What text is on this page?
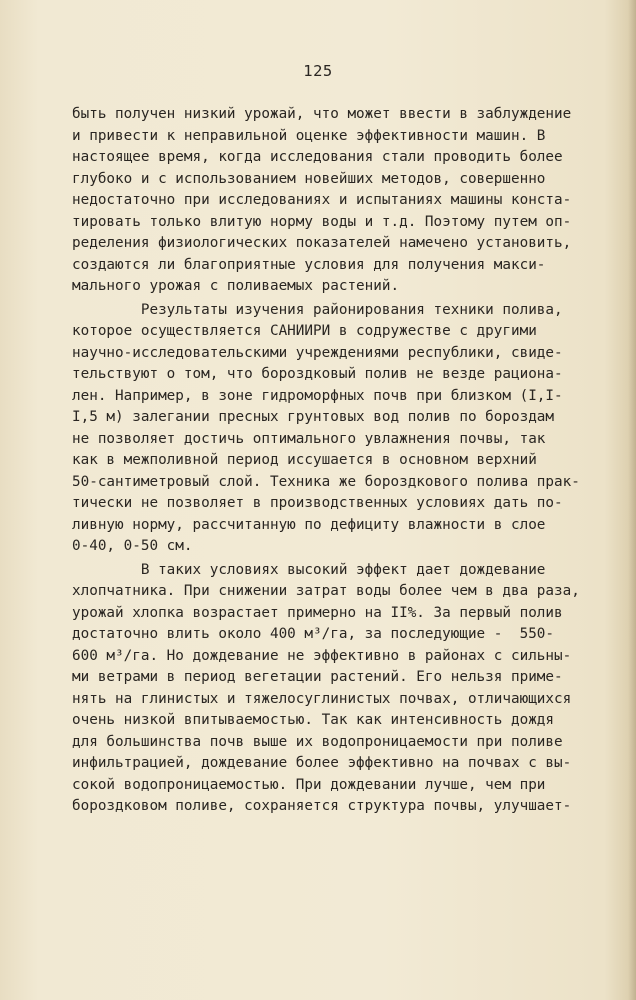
125
быть получен низкий урожай, что может ввести в заблуждение
и привести к неправильной оценке эффективности машин. В
настоящее время, когда исследования стали проводить более
глубоко и с использованием новейших методов, совершенно
недостаточно при исследованиях и испытаниях машины конста-
тировать только влитую норму воды и т.д. Поэтому путем оп-
ределения физиологических показателей намечено установить,
создаются ли благоприятные условия для получения макси-
мального урожая с поливаемых растений.
Результаты изучения районирования техники полива,
которое осуществляется САНИИРИ в содружестве с другими
научно-исследовательскими учреждениями республики, свиде-
тельствуют о том, что бороздковый полив не везде рациона-
лен. Например, в зоне гидроморфных почв при близком (I,I-
I,5 м) залегании пресных грунтовых вод полив по бороздам
не позволяет достичь оптимального увлажнения почвы, так
как в межполивной период иссушается в основном верхний
50-сантиметровый слой. Техника же бороздкового полива прак-
тически не позволяет в производственных условиях дать по-
ливную норму, рассчитанную по дефициту влажности в слое
0-40, 0-50 см.
В таких условиях высокий эффект дает дождевание
хлопчатника. При снижении затрат воды более чем в два раза,
урожай хлопка возрастает примерно на II%. За первый полив
достаточно влить около 400 м³/га, за последующие -  550-
600 м³/га. Но дождевание не эффективно в районах с сильны-
ми ветрами в период вегетации растений. Его нельзя приме-
нять на глинистых и тяжелосуглинистых почвах, отличающихся
очень низкой впитываемостью. Так как интенсивность дождя
для большинства почв выше их водопроницаемости при поливе
инфильтрацией, дождевание более эффективно на почвах с вы-
сокой водопроницаемостью. При дождевании лучше, чем при
бороздковом поливе, сохраняется структура почвы, улучшает-
